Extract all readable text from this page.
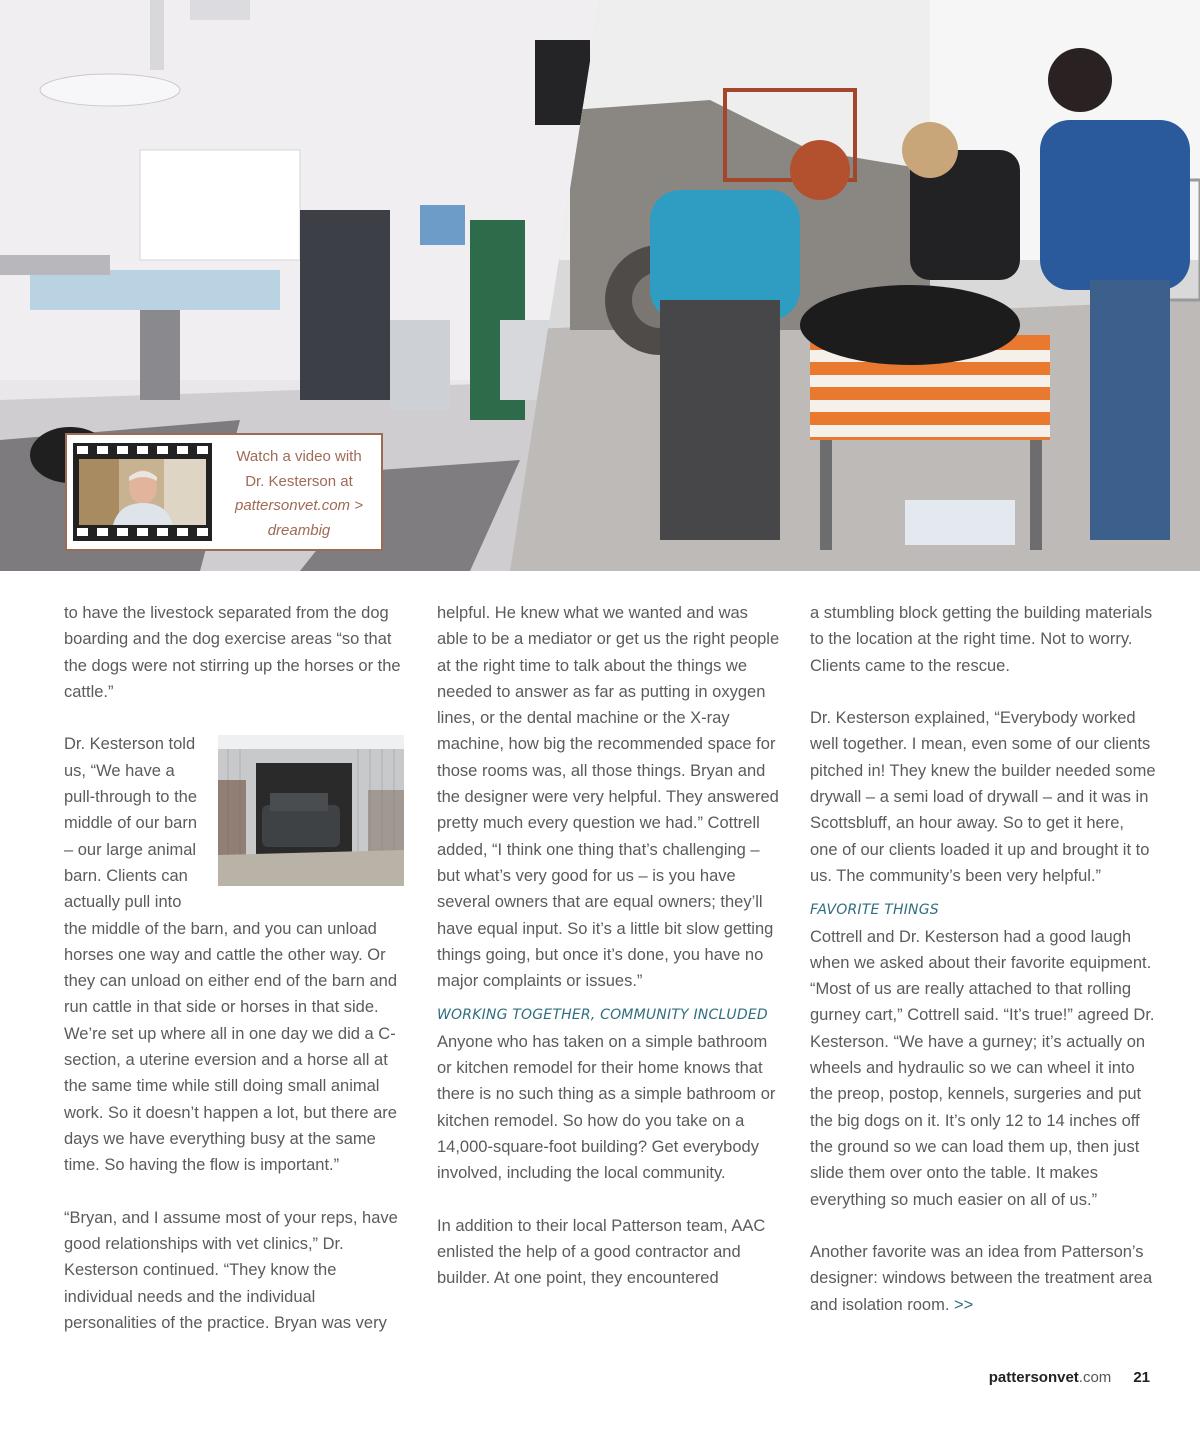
Watch a video with
Dr. Kesterson at
pattersonvet.com >
dreambig

to have the livestock separated from the dog boarding and the dog exercise areas “so that the dogs were not stirring up the horses or the cattle.”

Dr. Kesterson told us, “We have a pull-through to the middle of our barn – our large animal barn. Clients can actually pull into the middle of the barn, and you can unload horses one way and cattle the other way. Or they can unload on either end of the barn and run cattle in that side or horses in that side. We’re set up where all in one day we did a C-section, a uterine eversion and a horse all at the same time while still doing small animal work. So it doesn’t happen a lot, but there are days we have everything busy at the same time. So having the flow is important.”

“Bryan, and I assume most of your reps, have good relationships with vet clinics,” Dr. Kesterson continued. “They know the individual needs and the individual personalities of the practice. Bryan was very

helpful. He knew what we wanted and was able to be a mediator or get us the right people at the right time to talk about the things we needed to answer as far as putting in oxygen lines, or the dental machine or the X-ray machine, how big the recommended space for those rooms was, all those things. Bryan and the designer were very helpful. They answered pretty much every question we had.” Cottrell added, “I think one thing that’s challenging – but what’s very good for us – is you have several owners that are equal owners; they’ll have equal input. So it’s a little bit slow getting things going, but once it’s done, you have no major complaints or issues.”

WORKING TOGETHER, COMMUNITY INCLUDED

Anyone who has taken on a simple bathroom or kitchen remodel for their home knows that there is no such thing as a simple bathroom or kitchen remodel. So how do you take on a 14,000-square-foot building? Get everybody involved, including the local community.

In addition to their local Patterson team, AAC enlisted the help of a good contractor and builder. At one point, they encountered

a stumbling block getting the building materials to the location at the right time. Not to worry. Clients came to the rescue.

Dr. Kesterson explained, “Everybody worked well together. I mean, even some of our clients pitched in! They knew the builder needed some drywall – a semi load of drywall – and it was in Scottsbluff, an hour away. So to get it here, one of our clients loaded it up and brought it to us. The community’s been very helpful.”

FAVORITE THINGS

Cottrell and Dr. Kesterson had a good laugh when we asked about their favorite equipment. “Most of us are really attached to that rolling gurney cart,” Cottrell said. “It’s true!” agreed Dr. Kesterson. “We have a gurney; it’s actually on wheels and hydraulic so we can wheel it into the preop, postop, kennels, surgeries and put the big dogs on it. It’s only 12 to 14 inches off the ground so we can load them up, then just slide them over onto the table. It makes everything so much easier on all of us.”

Another favorite was an idea from Patterson’s designer: windows between the treatment area and isolation room. >>

pattersonvet.com 21
